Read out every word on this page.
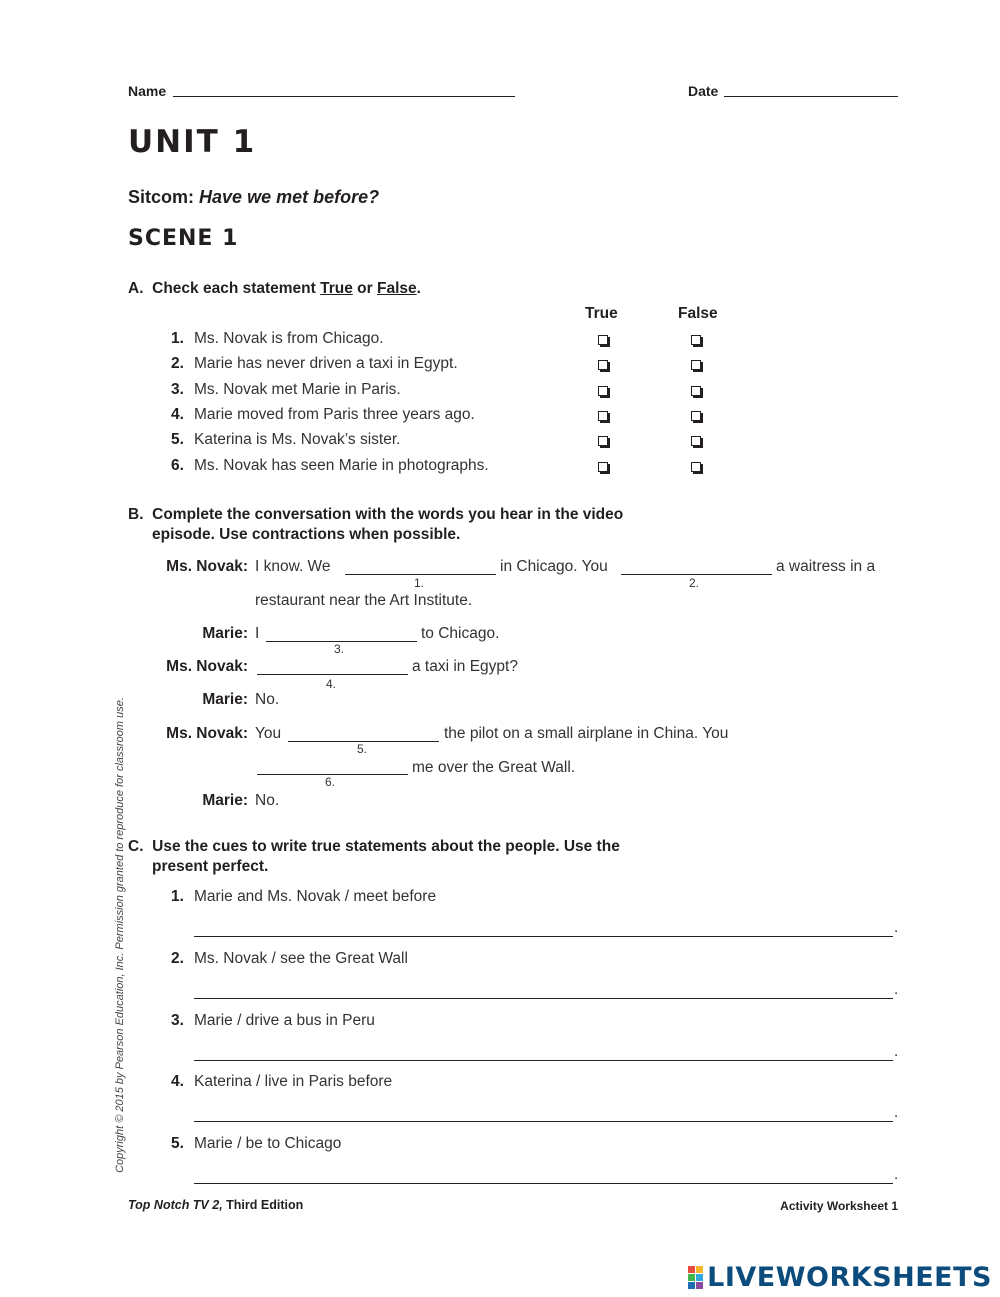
Name	Date
UNIT 1
Sitcom: Have we met before?
SCENE 1
A. Check each statement True or False.
True	False
1. Ms. Novak is from Chicago.
2. Marie has never driven a taxi in Egypt.
3. Ms. Novak met Marie in Paris.
4. Marie moved from Paris three years ago.
5. Katerina is Ms. Novak’s sister.
6. Ms. Novak has seen Marie in photographs.
B. Complete the conversation with the words you hear in the video
episode. Use contractions when possible.
Ms. Novak: I know. We
1.
in Chicago. You
2.
a waitress in a
restaurant near the Art Institute.
Marie: I
3.
to Chicago.
Ms. Novak:
4.
a taxi in Egypt?
Marie: No.
Ms. Novak: You
5.
the pilot on a small airplane in China. You
6.
me over the Great Wall.
Marie: No.
C. Use the cues to write true statements about the people. Use the
present perfect.
1. Marie and Ms. Novak / meet before
.
2. Ms. Novak / see the Great Wall
.
3. Marie / drive a bus in Peru
.
4. Katerina / live in Paris before
.
5. Marie / be to Chicago
.
Copyright © 2015 by Pearson Education, Inc. Permission granted to reproduce for classroom use.
Top Notch TV 2, Third Edition	Activity Worksheet 1
LIVEWORKSHEETS
